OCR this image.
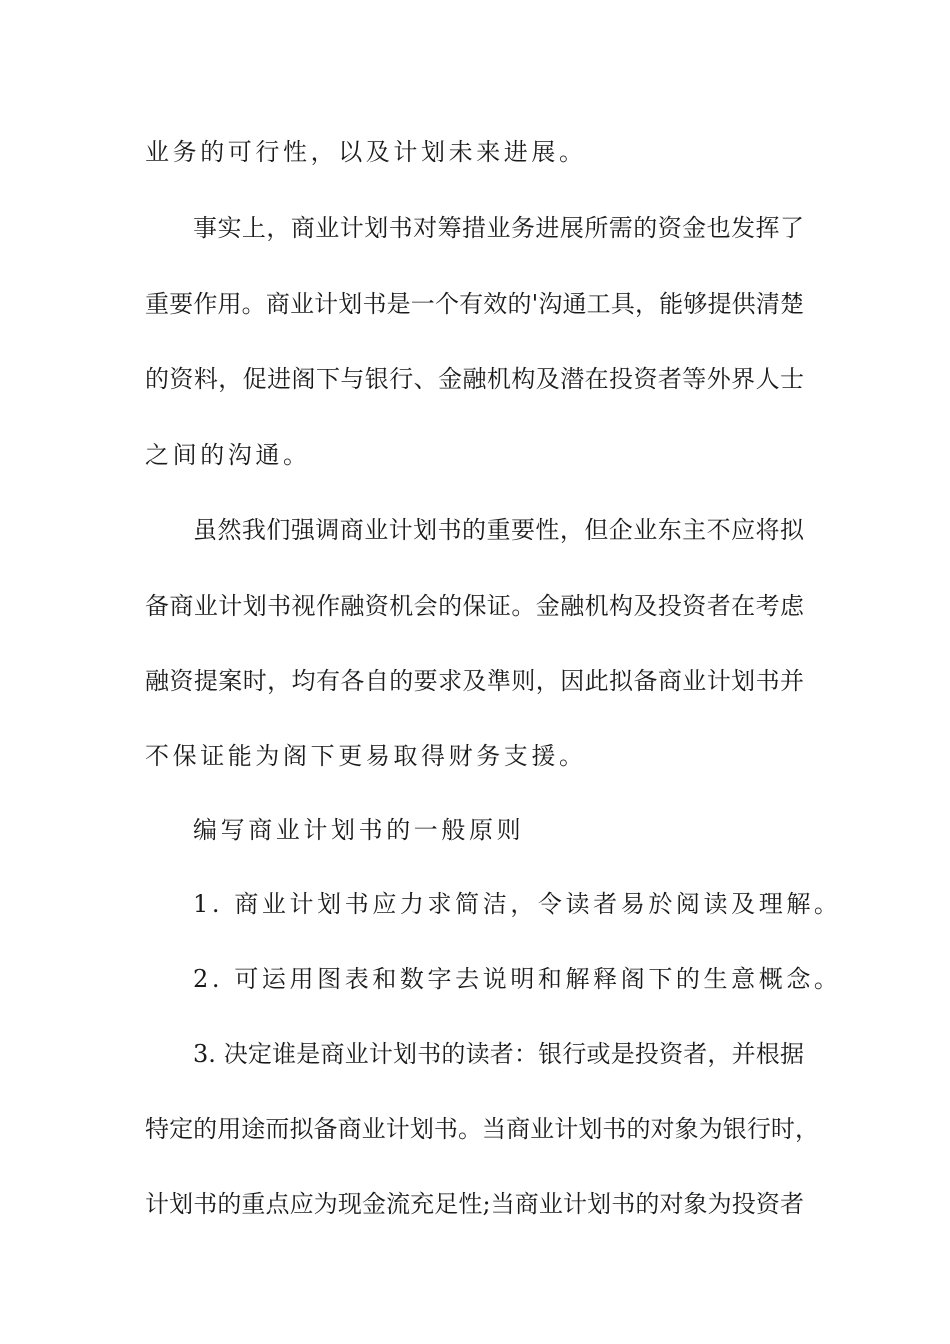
业务的可行性，以及计划未来进展。
事实上，商业计划书对筹措业务进展所需的资金也发挥了
重要作用。商业计划书是一个有效的'沟通工具，能够提供清楚
的资料，促进阁下与银行、金融机构及潜在投资者等外界人士
之间的沟通。
虽然我们强调商业计划书的重要性，但企业东主不应将拟
备商业计划书视作融资机会的保证。金融机构及投资者在考虑
融资提案时，均有各自的要求及準则，因此拟备商业计划书并
不保证能为阁下更易取得财务支援。
编写商业计划书的一般原则
1. 商业计划书应力求简洁，令读者易於阅读及理解。
2. 可运用图表和数字去说明和解释阁下的生意概念。
3. 决定谁是商业计划书的读者：银行或是投资者，并根据
特定的用途而拟备商业计划书。当商业计划书的对象为银行时，
计划书的重点应为现金流充足性;当商业计划书的对象为投资者
